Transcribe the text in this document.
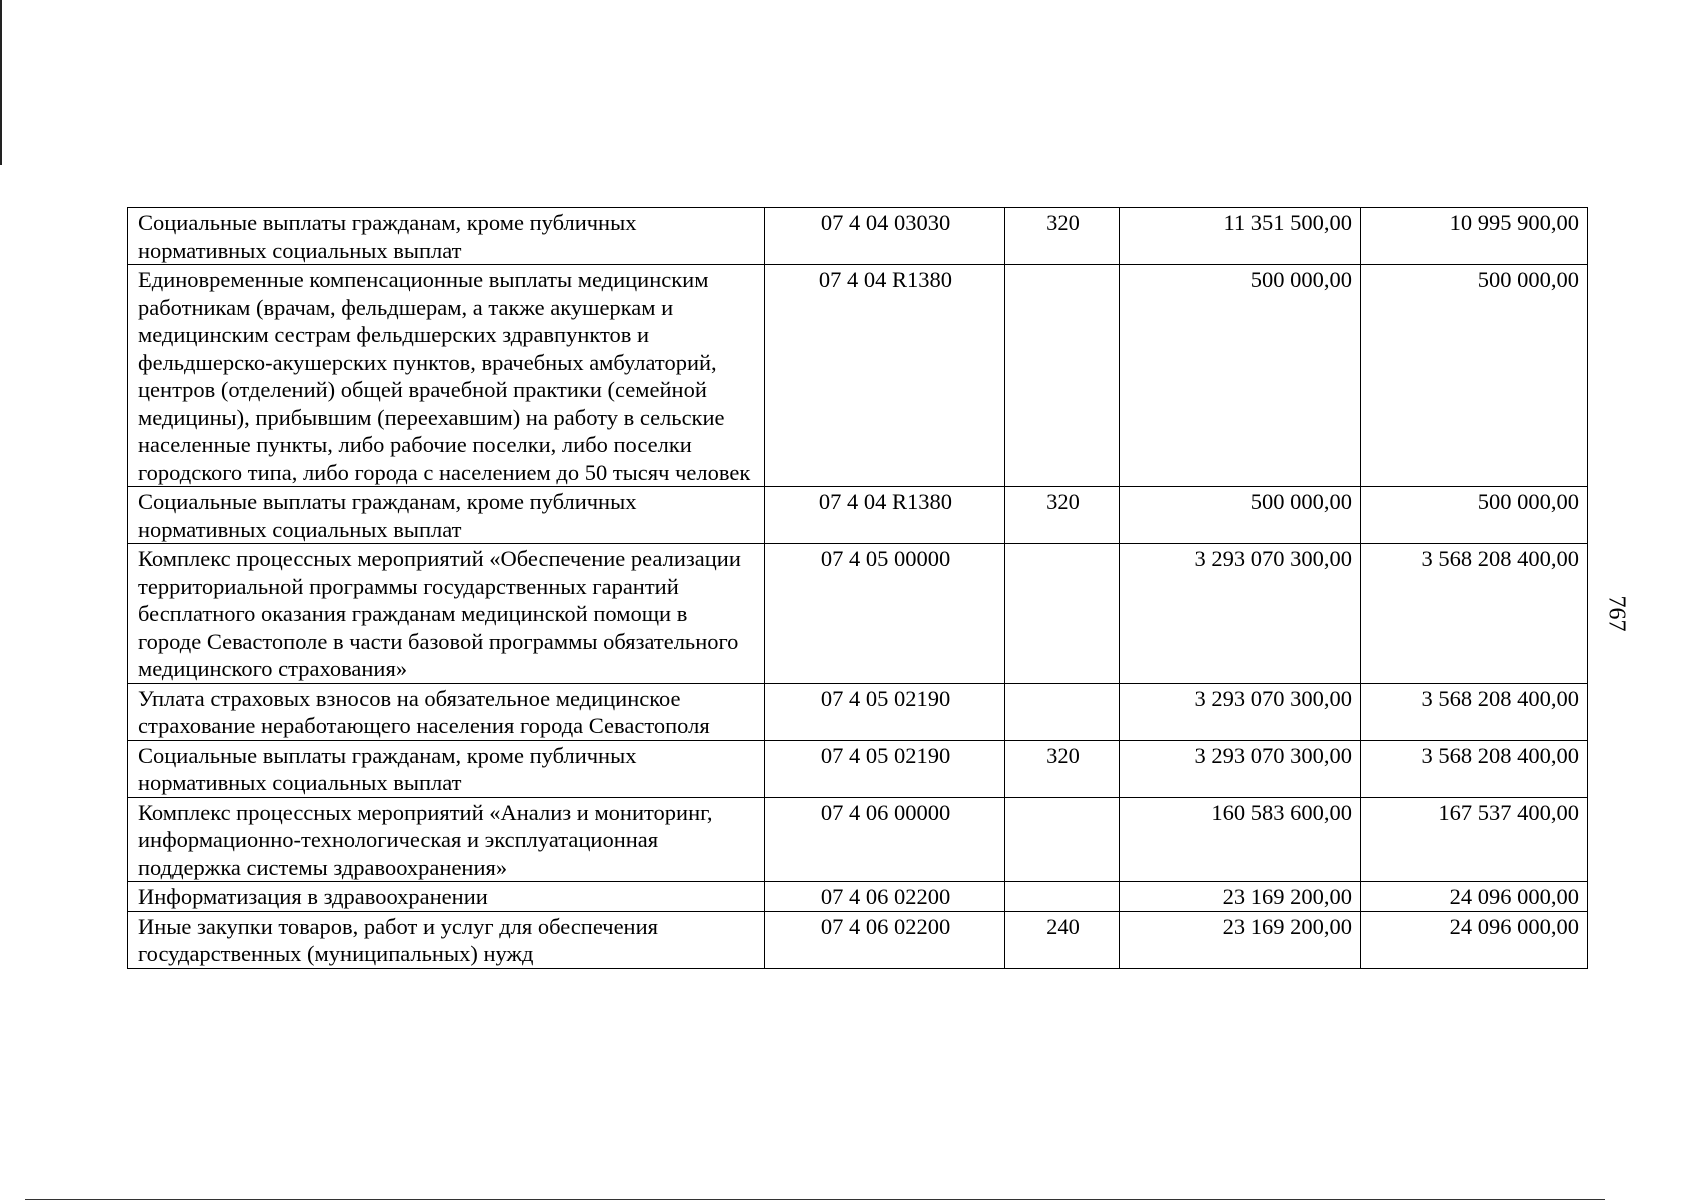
Социальные выплаты гражданам, кроме публичных нормативных социальных выплат	07 4 04 03030	320	11 351 500,00	10 995 900,00
Единовременные компенсационные выплаты медицинским работникам (врачам, фельдшерам, а также акушеркам и медицинским сестрам фельдшерских здравпунктов и фельдшерско-акушерских пунктов, врачебных амбулаторий, центров (отделений) общей врачебной практики (семейной медицины), прибывшим (переехавшим) на работу в сельские населенные пункты, либо рабочие поселки, либо поселки городского типа, либо города с населением до 50 тысяч человек	07 4 04 R1380		500 000,00	500 000,00
Социальные выплаты гражданам, кроме публичных нормативных социальных выплат	07 4 04 R1380	320	500 000,00	500 000,00
Комплекс процессных мероприятий «Обеспечение реализации территориальной программы государственных гарантий бесплатного оказания гражданам медицинской помощи в городе Севастополе в части базовой программы обязательного медицинского страхования»	07 4 05 00000		3 293 070 300,00	3 568 208 400,00
Уплата страховых взносов на обязательное медицинское страхование неработающего населения города Севастополя	07 4 05 02190		3 293 070 300,00	3 568 208 400,00
Социальные выплаты гражданам, кроме публичных нормативных социальных выплат	07 4 05 02190	320	3 293 070 300,00	3 568 208 400,00
Комплекс процессных мероприятий «Анализ и мониторинг, информационно-технологическая и эксплуатационная поддержка системы здравоохранения»	07 4 06 00000		160 583 600,00	167 537 400,00
Информатизация в здравоохранении	07 4 06 02200		23 169 200,00	24 096 000,00
Иные закупки товаров, работ и услуг для обеспечения государственных (муниципальных) нужд	07 4 06 02200	240	23 169 200,00	24 096 000,00
767
